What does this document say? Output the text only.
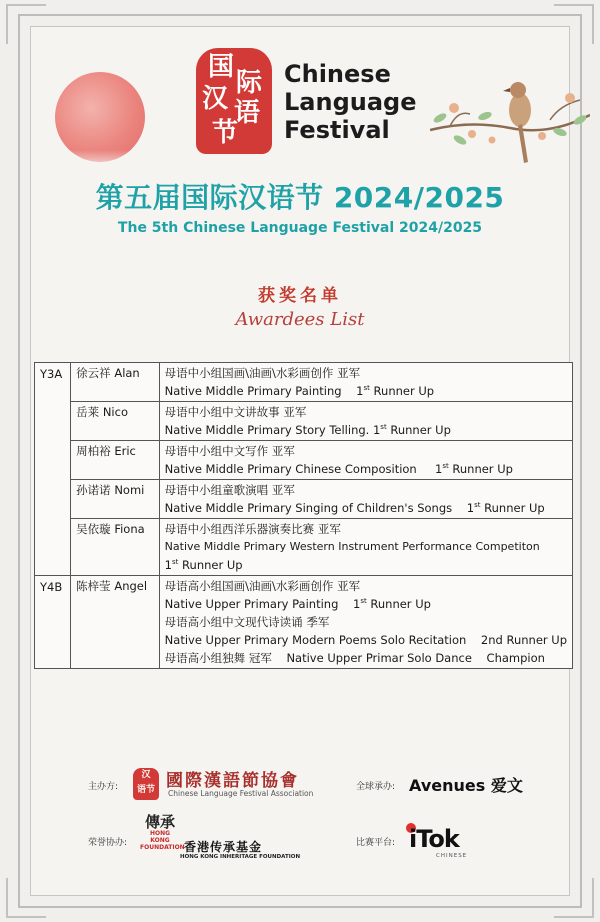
国
际
汉 语
节
Chinese
Language
Festival
第五届国际汉语节 2024/2025
The 5th Chinese Language Festival 2024/2025
获奖名单
Awardees List
Y3A	徐云祥 Alan	母语中小组国画\油画\水彩画创作 亚军
Native Middle Primary Painting 1st Runner Up

	岳莱 Nico	母语中小组中文讲故事 亚军
Native Middle Primary Story Telling. 1st Runner Up

	周柏裕 Eric	母语中小组中文写作 亚军
Native Middle Primary Chinese Composition 1st Runner Up

	孙诺诺 Nomi	母语中小组童歌演唱 亚军
Native Middle Primary Singing of Children's Songs 1st Runner Up

	吴依璇 Fiona	母语中小组西洋乐器演奏比赛 亚军
Native Middle Primary Western Instrument Performance Competiton
1st Runner Up

Y4B	陈梓莹 Angel	母语高小组国画\油画\水彩画创作 亚军
Native Upper Primary Painting 1st Runner Up
母语高小组中文现代诗读诵 季军
Native Upper Primary Modern Poems Solo Recitation 2nd Runner Up
母语高小组独舞 冠军 Native Upper Primar Solo Dance Champion
主办方:
汉
语节 國際漢語節協會
Chinese Language Festival Association
全球承办: Avenues 爱文
荣誉协办:
傳承
HONG KONG FOUNDATION 香港传承基金
HONG KONG INHERITAGE FOUNDATION
比赛平台: iTok
CHINESE
